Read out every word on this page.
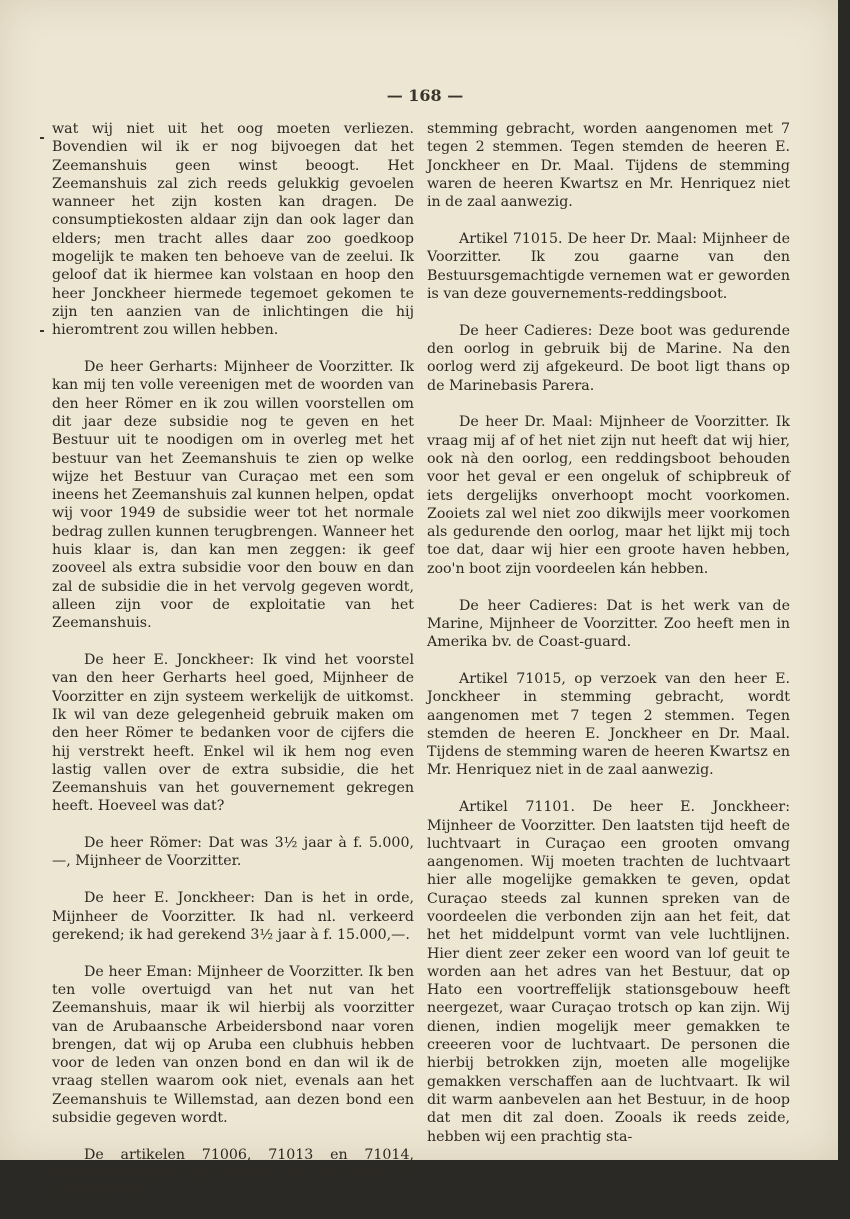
— 168 —

wat wij niet uit het oog moeten verliezen. Bovendien wil ik er nog bijvoegen dat het Zeemanshuis geen winst beoogt. Het Zeemanshuis zal zich reeds gelukkig gevoelen wanneer het zijn kosten kan dragen. De consumptiekosten aldaar zijn dan ook lager dan elders; men tracht alles daar zoo goedkoop mogelijk te maken ten behoeve van de zeelui. Ik geloof dat ik hiermee kan volstaan en hoop den heer Jonckheer hiermede tegemoet gekomen te zijn ten aanzien van de inlichtingen die hij hieromtrent zou willen hebben.

De heer Gerharts: Mijnheer de Voorzitter. Ik kan mij ten volle vereenigen met de woorden van den heer Römer en ik zou willen voorstellen om dit jaar deze subsidie nog te geven en het Bestuur uit te noodigen om in overleg met het bestuur van het Zeemanshuis te zien op welke wijze het Bestuur van Curaçao met een som ineens het Zeemanshuis zal kunnen helpen, opdat wij voor 1949 de subsidie weer tot het normale bedrag zullen kunnen terugbrengen. Wanneer het huis klaar is, dan kan men zeggen: ik geef zooveel als extra subsidie voor den bouw en dan zal de subsidie die in het vervolg gegeven wordt, alleen zijn voor de exploitatie van het Zeemanshuis.

De heer E. Jonckheer: Ik vind het voorstel van den heer Gerharts heel goed, Mijnheer de Voorzitter en zijn systeem werkelijk de uitkomst. Ik wil van deze gelegenheid gebruik maken om den heer Römer te bedanken voor de cijfers die hij verstrekt heeft. Enkel wil ik hem nog even lastig vallen over de extra subsidie, die het Zeemanshuis van het gouvernement gekregen heeft. Hoeveel was dat?

De heer Römer: Dat was 3½ jaar à f. 5.000,—, Mijnheer de Voorzitter.

De heer E. Jonckheer: Dan is het in orde, Mijnheer de Voorzitter. Ik had nl. verkeerd gerekend; ik had gerekend 3½ jaar à f. 15.000,—.

De heer Eman: Mijnheer de Voorzitter. Ik ben ten volle overtuigd van het nut van het Zeemanshuis, maar ik wil hierbij als voorzitter van de Arubaansche Arbeidersbond naar voren brengen, dat wij op Aruba een clubhuis hebben voor de leden van onzen bond en dan wil ik de vraag stellen waarom ook niet, evenals aan het Zeemanshuis te Willemstad, aan dezen bond een subsidie gegeven wordt.

De artikelen 71006, 71013 en 71014, achtereenvolgens op verzoek van den heer E. Jonckheer in

stemming gebracht, worden aangenomen met 7 tegen 2 stemmen. Tegen stemden de heeren E. Jonckheer en Dr. Maal. Tijdens de stemming waren de heeren Kwartsz en Mr. Henriquez niet in de zaal aanwezig.

Artikel 71015. De heer Dr. Maal: Mijnheer de Voorzitter. Ik zou gaarne van den Bestuursgemachtigde vernemen wat er geworden is van deze gouvernements-reddingsboot.

De heer Cadieres: Deze boot was gedurende den oorlog in gebruik bij de Marine. Na den oorlog werd zij afgekeurd. De boot ligt thans op de Marinebasis Parera.

De heer Dr. Maal: Mijnheer de Voorzitter. Ik vraag mij af of het niet zijn nut heeft dat wij hier, ook nà den oorlog, een reddingsboot behouden voor het geval er een ongeluk of schipbreuk of iets dergelijks onverhoopt mocht voorkomen. Zooiets zal wel niet zoo dikwijls meer voorkomen als gedurende den oorlog, maar het lijkt mij toch toe dat, daar wij hier een groote haven hebben, zoo'n boot zijn voordeelen kán hebben.

De heer Cadieres: Dat is het werk van de Marine, Mijnheer de Voorzitter. Zoo heeft men in Amerika bv. de Coast-guard.

Artikel 71015, op verzoek van den heer E. Jonckheer in stemming gebracht, wordt aangenomen met 7 tegen 2 stemmen. Tegen stemden de heeren E. Jonckheer en Dr. Maal. Tijdens de stemming waren de heeren Kwartsz en Mr. Henriquez niet in de zaal aanwezig.

Artikel 71101. De heer E. Jonckheer: Mijnheer de Voorzitter. Den laatsten tijd heeft de luchtvaart in Curaçao een grooten omvang aangenomen. Wij moeten trachten de luchtvaart hier alle mogelijke gemakken te geven, opdat Curaçao steeds zal kunnen spreken van de voordeelen die verbonden zijn aan het feit, dat het het middelpunt vormt van vele luchtlijnen. Hier dient zeer zeker een woord van lof geuit te worden aan het adres van het Bestuur, dat op Hato een voortreffelijk stationsgebouw heeft neergezet, waar Curaçao trotsch op kan zijn. Wij dienen, indien mogelijk meer gemakken te creeeren voor de luchtvaart. De personen die hierbij betrokken zijn, moeten alle mogelijke gemakken verschaffen aan de luchtvaart. Ik wil dit warm aanbevelen aan het Bestuur, in de hoop dat men dit zal doen. Zooals ik reeds zeide, hebben wij een prachtig sta-
